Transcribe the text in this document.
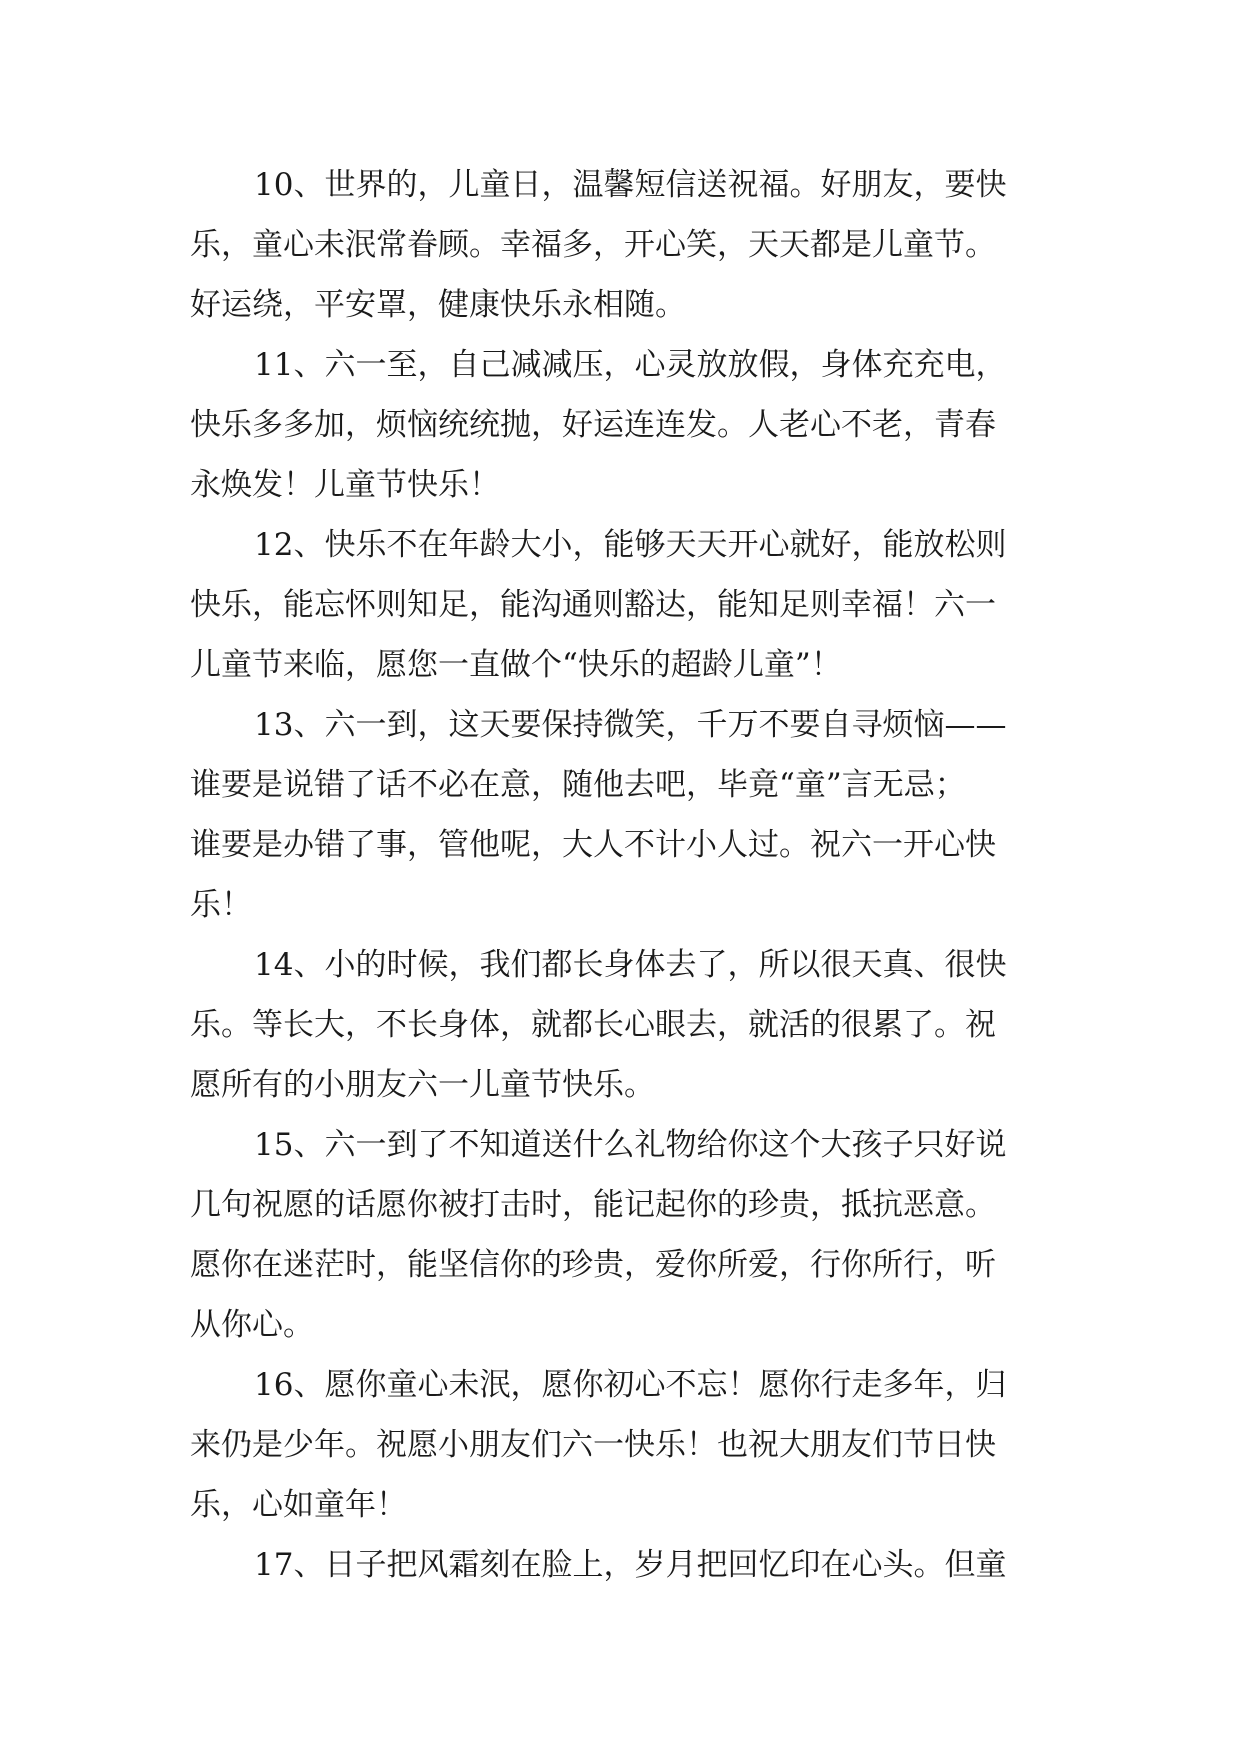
10、世界的，儿童日，温馨短信送祝福。好朋友，要快
乐，童心未泯常眷顾。幸福多，开心笑，天天都是儿童节。
好运绕，平安罩，健康快乐永相随。

11、六一至，自己减减压，心灵放放假，身体充充电，
快乐多多加，烦恼统统抛，好运连连发。人老心不老，青春
永焕发！儿童节快乐！

12、快乐不在年龄大小，能够天天开心就好，能放松则
快乐，能忘怀则知足，能沟通则豁达，能知足则幸福！六一
儿童节来临，愿您一直做个“快乐的超龄儿童”！

13、六一到，这天要保持微笑，千万不要自寻烦恼——
谁要是说错了话不必在意，随他去吧，毕竟“童”言无忌；
谁要是办错了事，管他呢，大人不计小人过。祝六一开心快
乐！

14、小的时候，我们都长身体去了，所以很天真、很快
乐。等长大，不长身体，就都长心眼去，就活的很累了。祝
愿所有的小朋友六一儿童节快乐。

15、六一到了不知道送什么礼物给你这个大孩子只好说
几句祝愿的话愿你被打击时，能记起你的珍贵，抵抗恶意。
愿你在迷茫时，能坚信你的珍贵，爱你所爱，行你所行，听
从你心。

16、愿你童心未泯，愿你初心不忘！愿你行走多年，归
来仍是少年。祝愿小朋友们六一快乐！也祝大朋友们节日快
乐，心如童年！

17、日子把风霜刻在脸上，岁月把回忆印在心头。但童
